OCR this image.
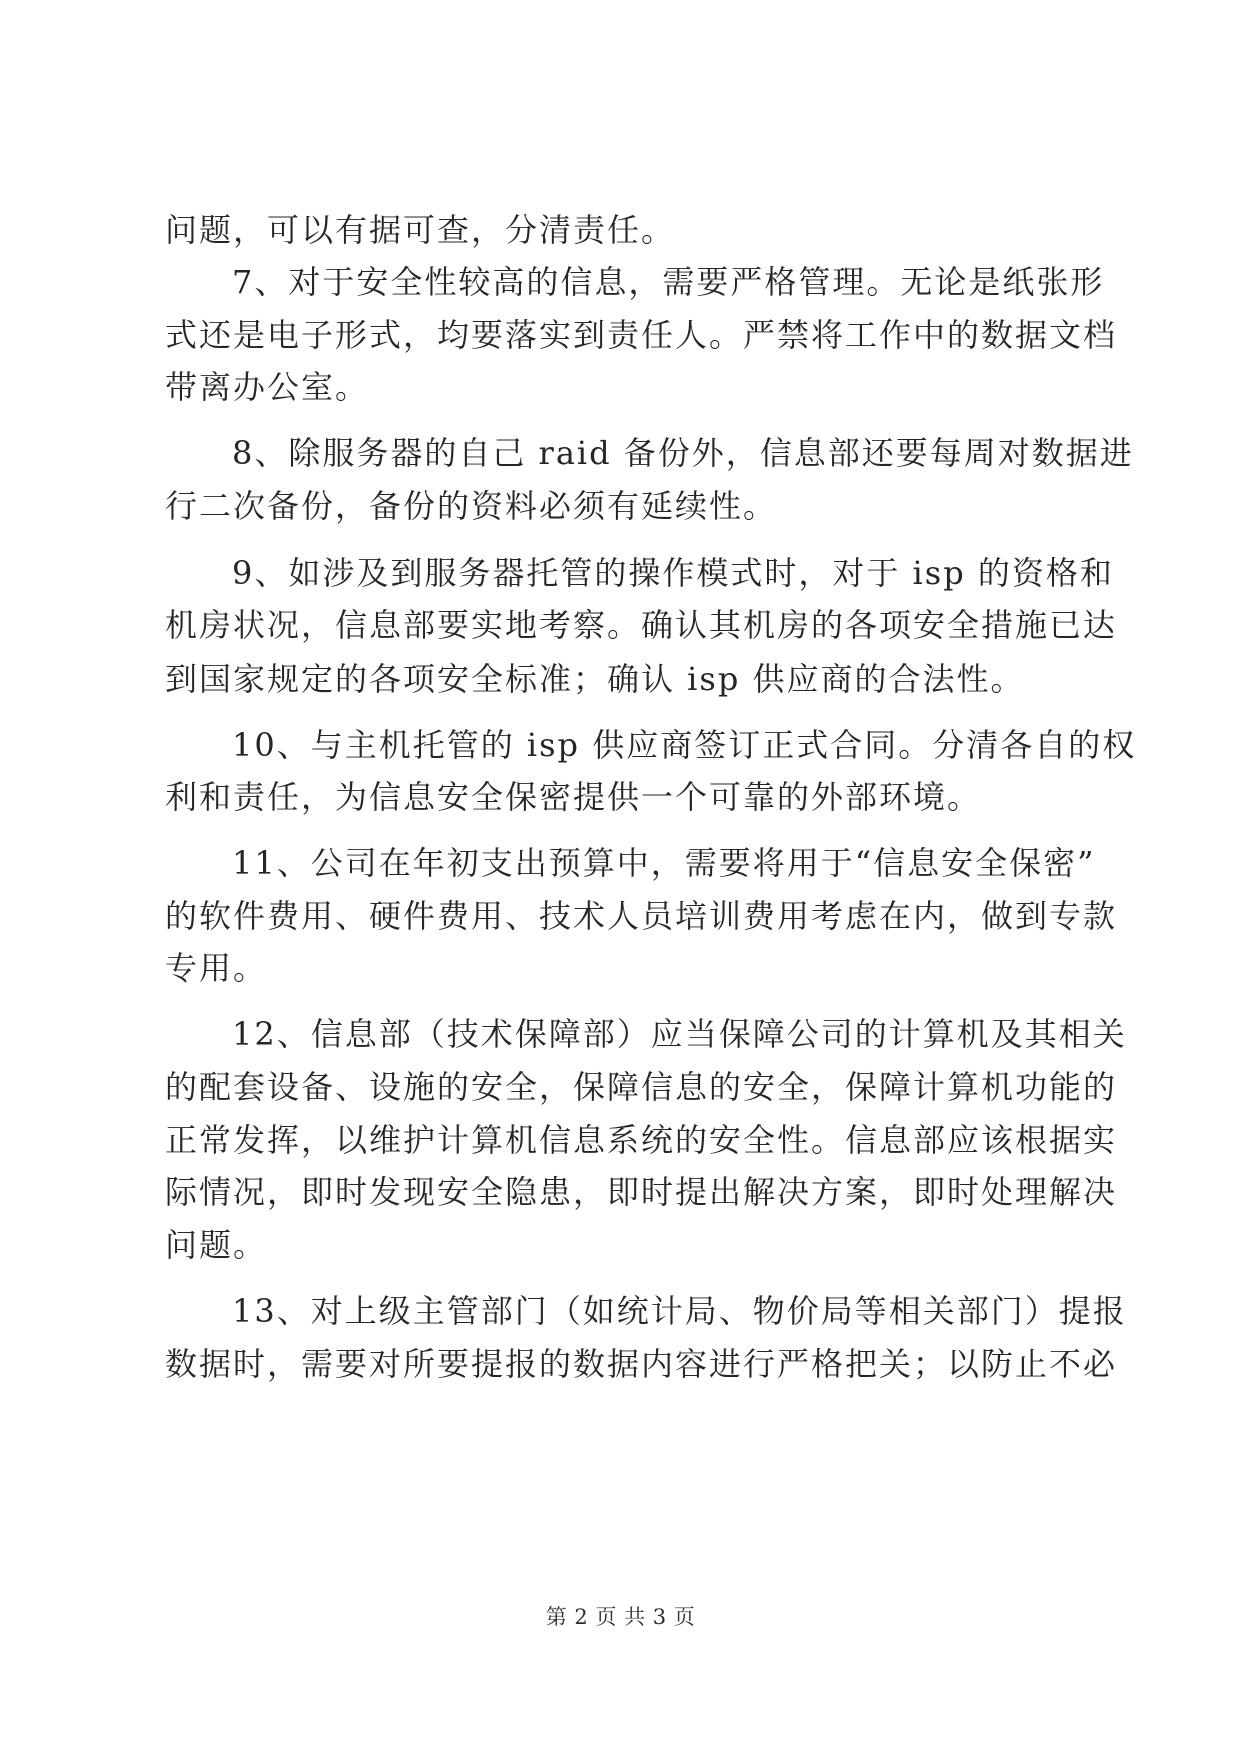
问题，可以有据可查，分清责任。
7、对于安全性较高的信息，需要严格管理。无论是纸张形
式还是电子形式，均要落实到责任人。严禁将工作中的数据文档
带离办公室。
8、除服务器的自己 raid 备份外，信息部还要每周对数据进
行二次备份，备份的资料必须有延续性。
9、如涉及到服务器托管的操作模式时，对于 isp 的资格和
机房状况，信息部要实地考察。确认其机房的各项安全措施已达
到国家规定的各项安全标准；确认 isp 供应商的合法性。
10、与主机托管的 isp 供应商签订正式合同。分清各自的权
利和责任，为信息安全保密提供一个可靠的外部环境。
11、公司在年初支出预算中，需要将用于“信息安全保密”
的软件费用、硬件费用、技术人员培训费用考虑在内，做到专款
专用。
12、信息部（技术保障部）应当保障公司的计算机及其相关
的配套设备、设施的安全，保障信息的安全，保障计算机功能的
正常发挥，以维护计算机信息系统的安全性。信息部应该根据实
际情况，即时发现安全隐患，即时提出解决方案，即时处理解决
问题。
13、对上级主管部门（如统计局、物价局等相关部门）提报
数据时，需要对所要提报的数据内容进行严格把关；以防止不必
第 2 页 共 3 页
